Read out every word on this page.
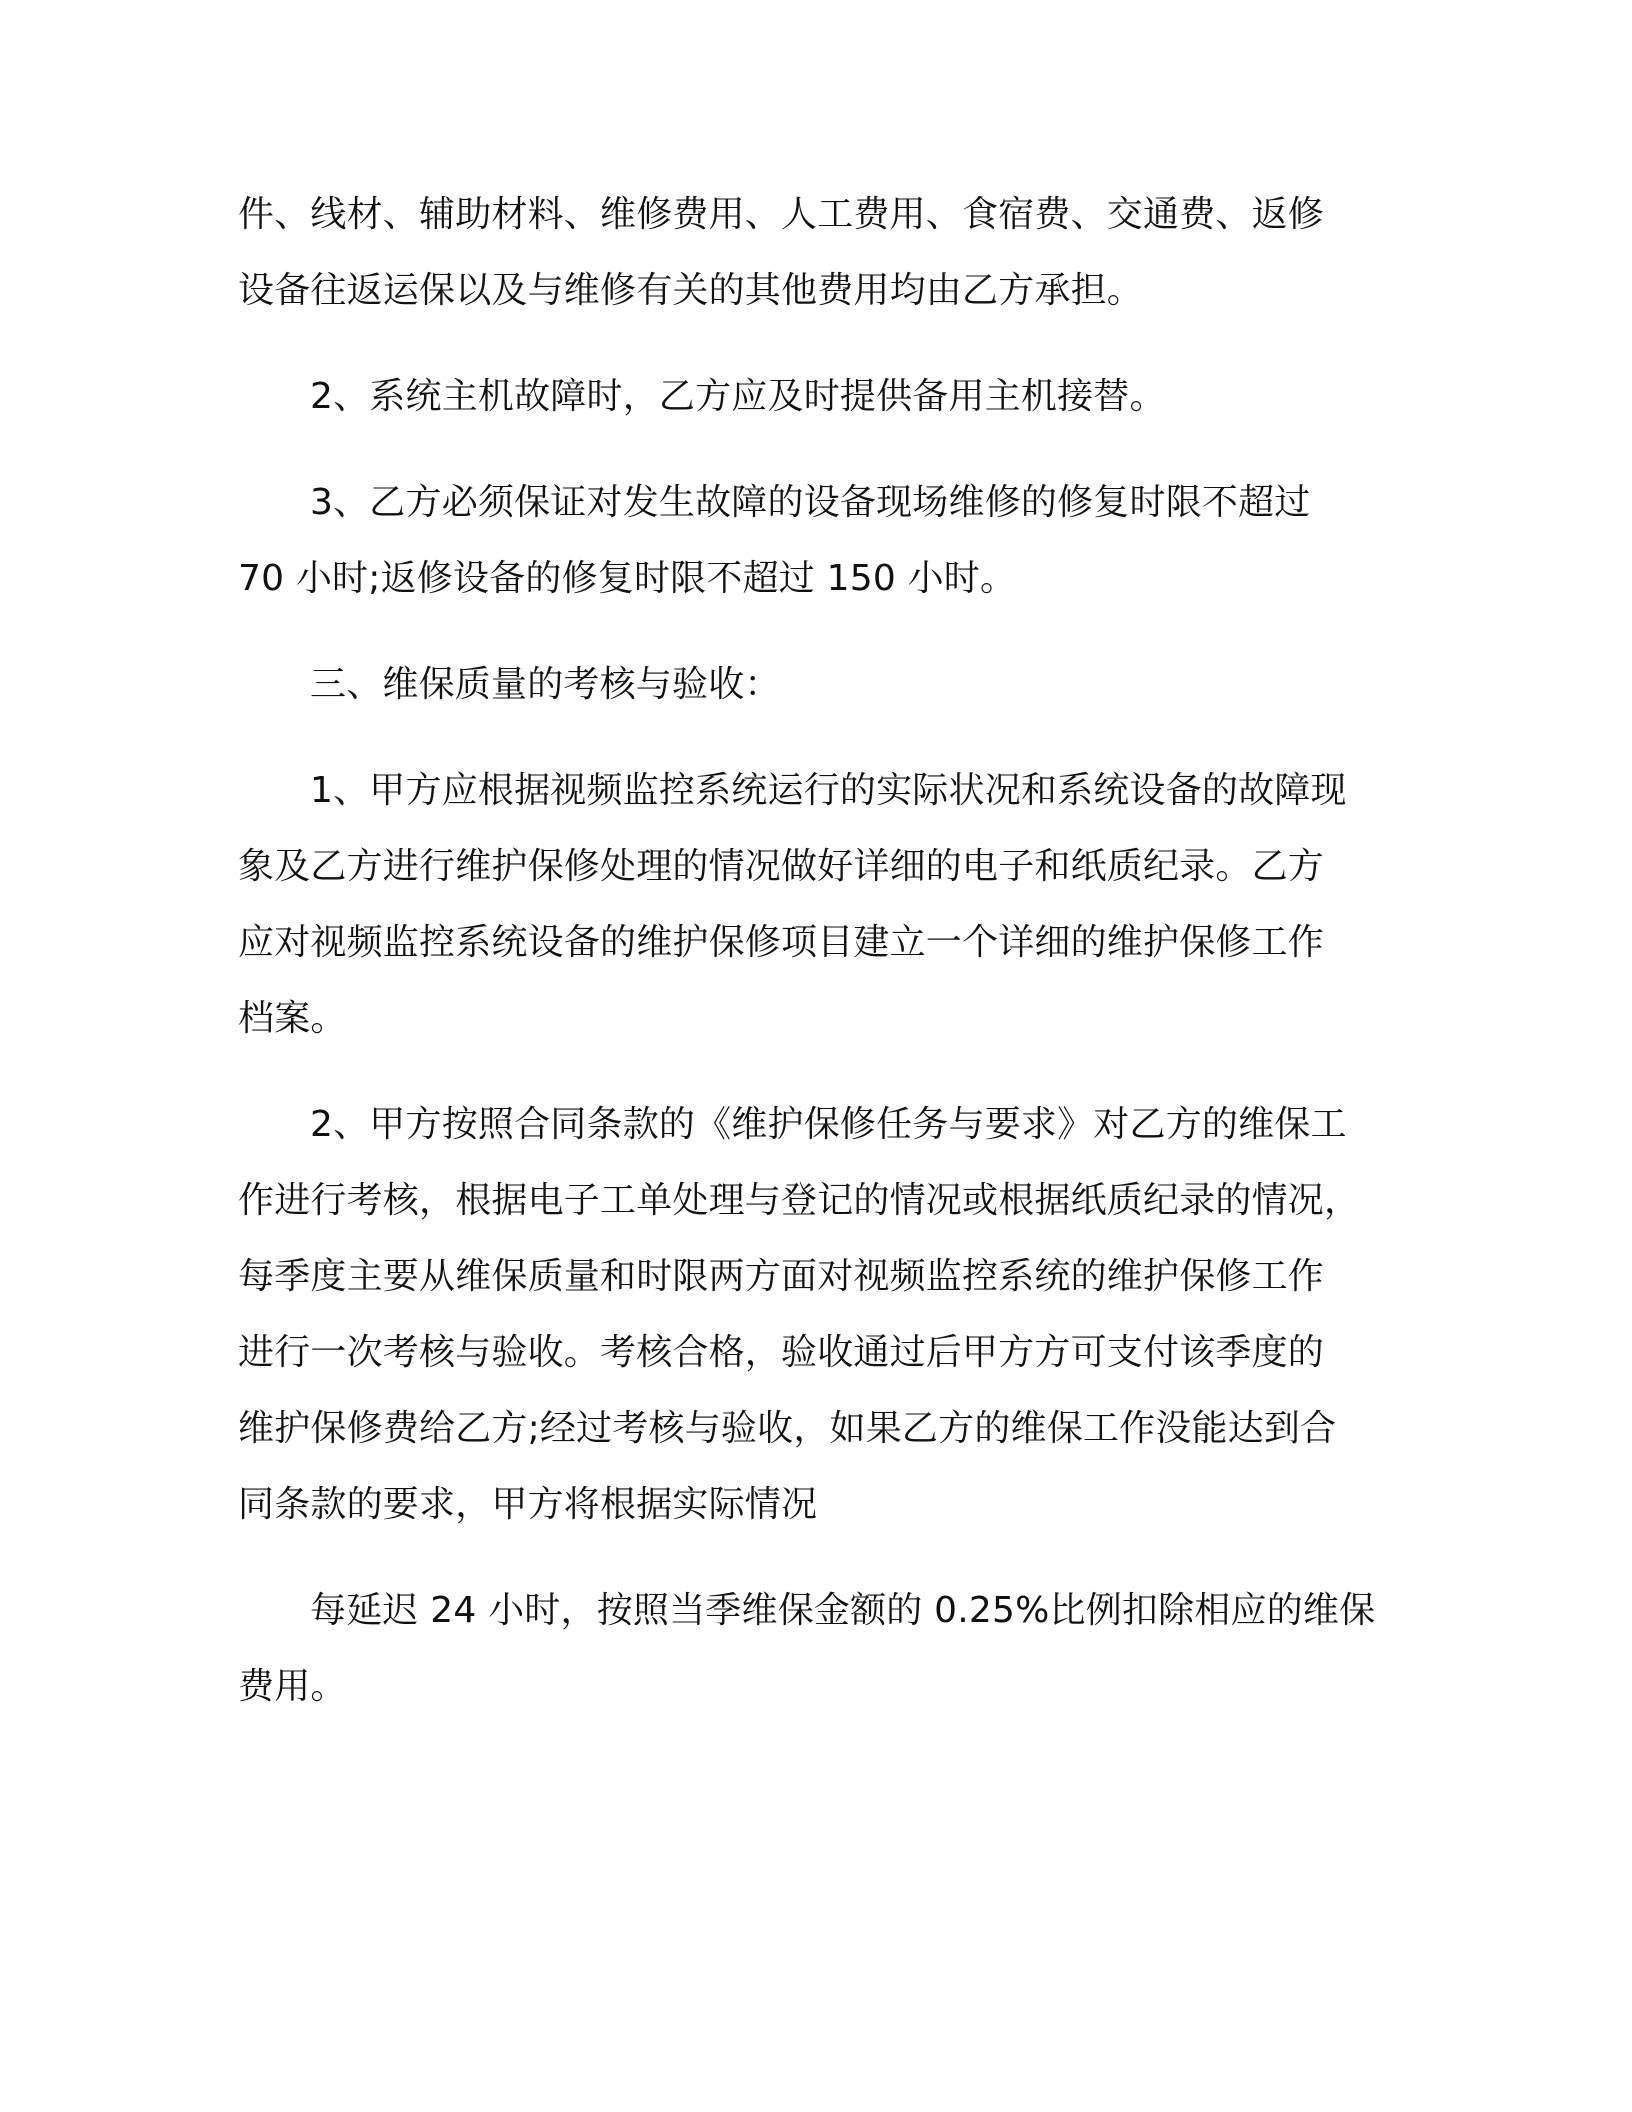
件、线材、辅助材料、维修费用、人工费用、食宿费、交通费、返修

设备往返运保以及与维修有关的其他费用均由乙方承担。

2、系统主机故障时，乙方应及时提供备用主机接替。

3、乙方必须保证对发生故障的设备现场维修的修复时限不超过

70 小时;返修设备的修复时限不超过 150 小时。

三、维保质量的考核与验收：

1、甲方应根据视频监控系统运行的实际状况和系统设备的故障现

象及乙方进行维护保修处理的情况做好详细的电子和纸质纪录。乙方

应对视频监控系统设备的维护保修项目建立一个详细的维护保修工作

档案。

2、甲方按照合同条款的《维护保修任务与要求》对乙方的维保工

作进行考核，根据电子工单处理与登记的情况或根据纸质纪录的情况，

每季度主要从维保质量和时限两方面对视频监控系统的维护保修工作

进行一次考核与验收。考核合格，验收通过后甲方方可支付该季度的

维护保修费给乙方;经过考核与验收，如果乙方的维保工作没能达到合

同条款的要求，甲方将根据实际情况

每延迟 24 小时，按照当季维保金额的 0.25%比例扣除相应的维保

费用。
